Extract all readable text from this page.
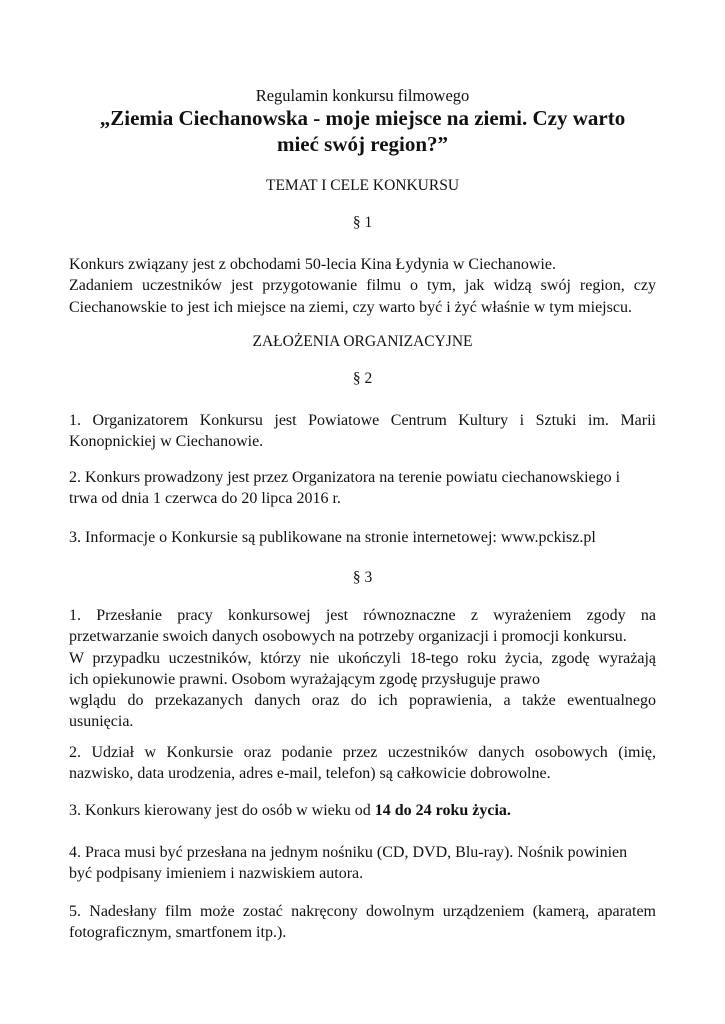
Regulamin konkursu filmowego
„Ziemia Ciechanowska - moje miejsce na ziemi. Czy warto
mieć swój region?”
TEMAT I CELE KONKURSU
§ 1
Konkurs związany jest z obchodami 50-lecia Kina Łydynia w Ciechanowie.
Zadaniem uczestników jest przygotowanie filmu o tym, jak widzą swój region, czy
Ciechanowskie to jest ich miejsce na ziemi, czy warto być i żyć właśnie w tym miejscu.
ZAŁOŻENIA ORGANIZACYJNE
§ 2
1. Organizatorem Konkursu jest Powiatowe Centrum Kultury i Sztuki im. Marii
Konopnickiej w Ciechanowie.
2. Konkurs prowadzony jest przez Organizatora na terenie powiatu ciechanowskiego i
trwa od dnia 1 czerwca do 20 lipca 2016 r.
3. Informacje o Konkursie są publikowane na stronie internetowej: www.pckisz.pl
§ 3
1. Przesłanie pracy konkursowej jest równoznaczne z wyrażeniem zgody na
przetwarzanie swoich danych osobowych na potrzeby organizacji i promocji konkursu.
W przypadku uczestników, którzy nie ukończyli 18-tego roku życia, zgodę wyrażają
ich opiekunowie prawni. Osobom wyrażającym zgodę przysługuje prawo
wglądu do przekazanych danych oraz do ich poprawienia, a także ewentualnego
usunięcia.
2. Udział w Konkursie oraz podanie przez uczestników danych osobowych (imię,
nazwisko, data urodzenia, adres e-mail, telefon) są całkowicie dobrowolne.
3. Konkurs kierowany jest do osób w wieku od 14 do 24 roku życia.
4. Praca musi być przesłana na jednym nośniku (CD, DVD, Blu-ray). Nośnik powinien
być podpisany imieniem i nazwiskiem autora.
5. Nadesłany film może zostać nakręcony dowolnym urządzeniem (kamerą, aparatem
fotograficznym, smartfonem itp.).
